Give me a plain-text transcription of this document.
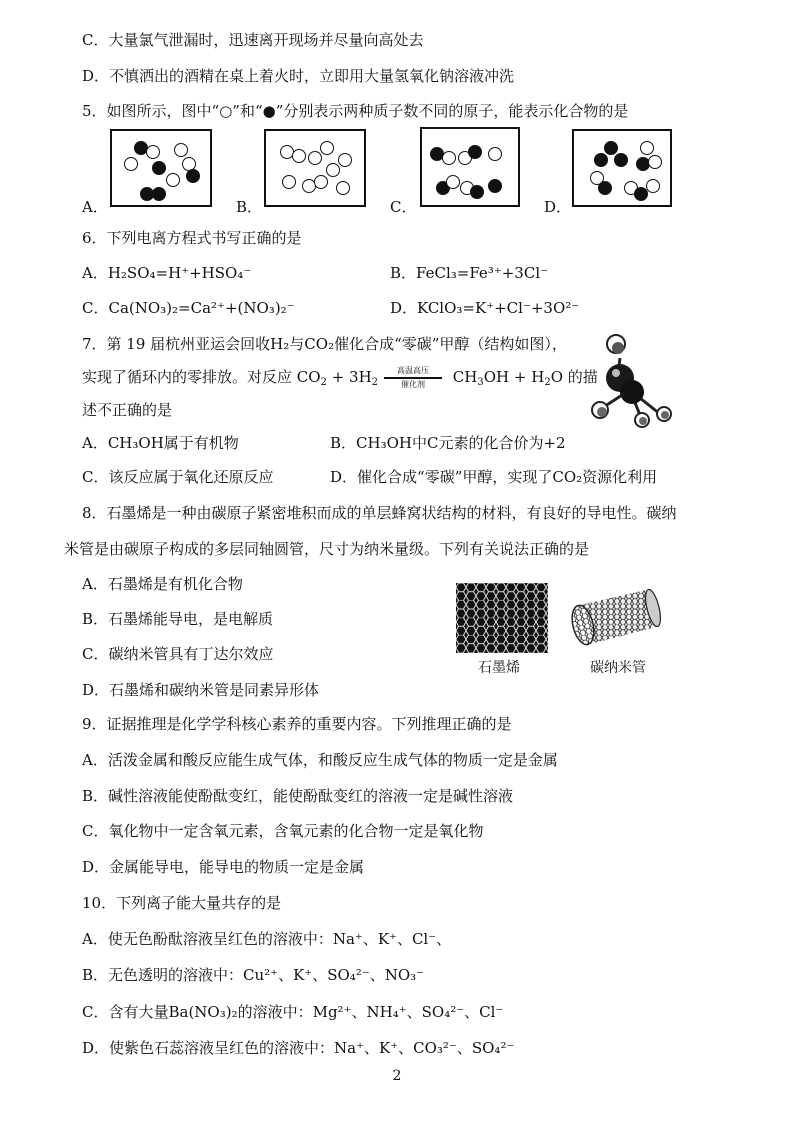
C．大量氯气泄漏时，迅速离开现场并尽量向高处去
D．不慎洒出的酒精在桌上着火时，立即用大量氢氧化钠溶液冲洗
5．如图所示，图中“○”和“●”分别表示两种质子数不同的原子，能表示化合物的是
A．	B．	C．	D．
6．下列电离方程式书写正确的是
A．H₂SO₄=H⁺+HSO₄⁻	B．FeCl₃=Fe³⁺+3Cl⁻
C．Ca(NO₃)₂=Ca²⁺+(NO₃)₂⁻	D．KClO₃=K⁺+Cl⁻+3O²⁻
7．第 19 届杭州亚运会回收H₂与CO₂催化合成“零碳”甲醇（结构如图），
实现了循环内的零排放。对反应 $CO_2 + 3H_2$
高温高压
催化剂	$CH_3OH + H_2O$ 的描
述不正确的是
A．CH₃OH属于有机物	B．CH₃OH中C元素的化合价为+2
C．该反应属于氧化还原反应	D．催化合成“零碳”甲醇，实现了CO₂资源化利用
8．石墨烯是一种由碳原子紧密堆积而成的单层蜂窝状结构的材料，有良好的导电性。碳纳
米管是由碳原子构成的多层同轴圆管，尺寸为纳米量级。下列有关说法正确的是
A．石墨烯是有机化合物
B．石墨烯能导电，是电解质
C．碳纳米管具有丁达尔效应
D．石墨烯和碳纳米管是同素异形体
石墨烯	碳纳米管
9．证据推理是化学学科核心素养的重要内容。下列推理正确的是
A．活泼金属和酸反应能生成气体，和酸反应生成气体的物质一定是金属
B．碱性溶液能使酚酞变红，能使酚酞变红的溶液一定是碱性溶液
C．氧化物中一定含氧元素，含氧元素的化合物一定是氧化物
D．金属能导电，能导电的物质一定是金属
10．下列离子能大量共存的是
A．使无色酚酞溶液呈红色的溶液中：Na⁺、K⁺、Cl⁻、
B．无色透明的溶液中：Cu²⁺、K⁺、SO₄²⁻、NO₃⁻
C．含有大量Ba(NO₃)₂的溶液中：Mg²⁺、NH₄⁺、SO₄²⁻、Cl⁻
D．使紫色石蕊溶液呈红色的溶液中：Na⁺、K⁺、CO₃²⁻、SO₄²⁻
2
